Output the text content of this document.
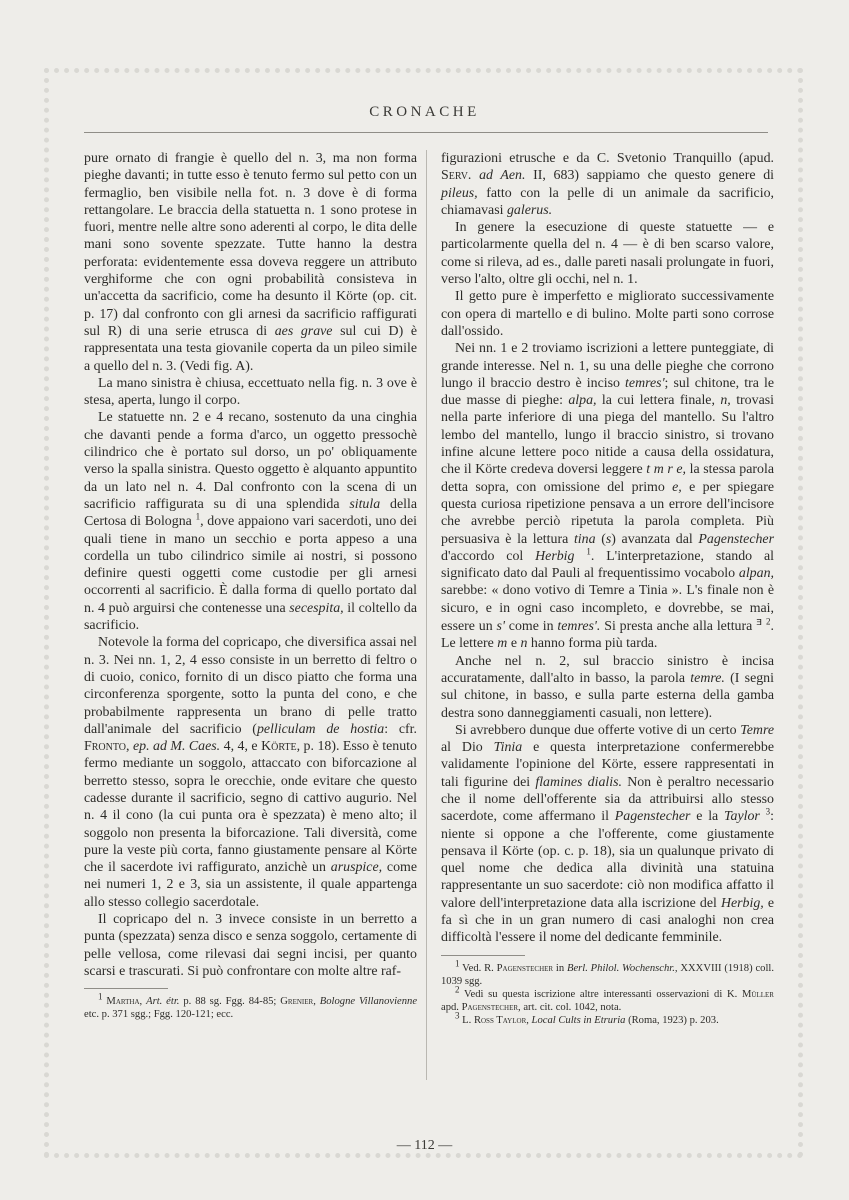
CRONACHE

pure ornato di frangie è quello del n. 3, ma non forma pieghe davanti; in tutte esso è tenuto fermo sul petto con un fermaglio, ben visibile nella fot. n. 3 dove è di forma rettangolare. Le braccia della statuetta n. 1 sono protese in fuori, mentre nelle altre sono aderenti al corpo, le dita delle mani sono sovente spezzate. Tutte hanno la destra perforata: evidentemente essa doveva reggere un attributo verghiforme che con ogni probabilità consisteva in un'accetta da sacrificio, come ha desunto il Körte (op. cit. p. 17) dal confronto con gli arnesi da sacrificio raffigurati sul R) di una serie etrusca di aes grave sul cui D) è rappresentata una testa giovanile coperta da un pileo simile a quello del n. 3. (Vedi fig. A).

La mano sinistra è chiusa, eccettuato nella fig. n. 3 ove è stesa, aperta, lungo il corpo.

Le statuette nn. 2 e 4 recano, sostenuto da una cinghia che davanti pende a forma d'arco, un oggetto pressochè cilindrico che è portato sul dorso, un po' obliquamente verso la spalla sinistra. Questo oggetto è alquanto appuntito da un lato nel n. 4. Dal confronto con la scena di un sacrificio raffigurata su di una splendida situla della Certosa di Bologna $^1$, dove appaiono vari sacerdoti, uno dei quali tiene in mano un secchio e porta appeso a una cordella un tubo cilindrico simile ai nostri, si possono definire questi oggetti come custodie per gli arnesi occorrenti al sacrificio. È dalla forma di quello portato dal n. 4 può arguirsi che contenesse una secespita, il coltello da sacrificio.

Notevole la forma del copricapo, che diversifica assai nel n. 3. Nei nn. 1, 2, 4 esso consiste in un berretto di feltro o di cuoio, conico, fornito di un disco piatto che forma una circonferenza sporgente, sotto la punta del cono, e che probabilmente rappresenta un brano di pelle tratto dall'animale del sacrificio (pelliculam de hostia: cfr. Fronto, ep. ad M. Caes. 4, 4, e Körte, p. 18). Esso è tenuto fermo mediante un soggolo, attaccato con biforcazione al berretto stesso, sopra le orecchie, onde evitare che questo cadesse durante il sacrificio, segno di cattivo augurio. Nel n. 4 il cono (la cui punta ora è spezzata) è meno alto; il soggolo non presenta la biforcazione. Tali diversità, come pure la veste più corta, fanno giustamente pensare al Körte che il sacerdote ivi raffigurato, anzichè un aruspice, come nei numeri 1, 2 e 3, sia un assistente, il quale appartenga allo stesso collegio sacerdotale.

Il copricapo del n. 3 invece consiste in un berretto a punta (spezzata) senza disco e senza soggolo, certamente di pelle vellosa, come rilevasi dai segni incisi, per quanto scarsi e trascurati. Si può confrontare con molte altre raf-

$^1$ Martha, Art. étr. p. 88 sg. Fgg. 84-85; Grenier, Bologne Villanovienne etc. p. 371 sgg.; Fgg. 120-121; ecc.

figurazioni etrusche e da C. Svetonio Tranquillo (apud. Serv. ad Aen. II, 683) sappiamo che questo genere di pileus, fatto con la pelle di un animale da sacrificio, chiamavasi galerus.

In genere la esecuzione di queste statuette — e particolarmente quella del n. 4 — è di ben scarso valore, come si rileva, ad es., dalle pareti nasali prolungate in fuori, verso l'alto, oltre gli occhi, nel n. 1.

Il getto pure è imperfetto e migliorato successivamente con opera di martello e di bulino. Molte parti sono corrose dall'ossido.

Nei nn. 1 e 2 troviamo iscrizioni a lettere punteggiate, di grande interesse. Nel n. 1, su una delle pieghe che corrono lungo il braccio destro è inciso temres'; sul chitone, tra le due masse di pieghe: alpa, la cui lettera finale, n, trovasi nella parte inferiore di una piega del mantello. Su l'altro lembo del mantello, lungo il braccio sinistro, si trovano infine alcune lettere poco nitide a causa della ossidatura, che il Körte credeva doversi leggere t m r e, la stessa parola detta sopra, con omissione del primo e, e per spiegare questa curiosa ripetizione pensava a un errore dell'incisore che avrebbe perciò ripetuta la parola completa. Più persuasiva è la lettura tina (s) avanzata dal Pagenstecher d'accordo col Herbig $^1$. L'interpretazione, stando al significato dato dal Pauli al frequentissimo vocabolo alpan, sarebbe: « dono votivo di Temre a Tinia ». L's finale non è sicuro, e in ogni caso incompleto, e dovrebbe, se mai, essere un s' come in temres'. Si presta anche alla lettura ᴲ $^2$. Le lettere m e n hanno forma più tarda.

Anche nel n. 2, sul braccio sinistro è incisa accuratamente, dall'alto in basso, la parola temre. (I segni sul chitone, in basso, e sulla parte esterna della gamba destra sono danneggiamenti casuali, non lettere).

Si avrebbero dunque due offerte votive di un certo Temre al Dio Tinia e questa interpretazione confermerebbe validamente l'opinione del Körte, essere rappresentati in tali figurine dei flamines dialis. Non è peraltro necessario che il nome dell'offerente sia da attribuirsi allo stesso sacerdote, come affermano il Pagenstecher e la Taylor $^3$: niente si oppone a che l'offerente, come giustamente pensava il Körte (op. c. p. 18), sia un qualunque privato di quel nome che dedica alla divinità una statuina rappresentante un suo sacerdote: ciò non modifica affatto il valore dell'interpretazione data alla iscrizione del Herbig, e fa sì che in un gran numero di casi analoghi non crea difficoltà l'essere il nome del dedicante femminile.

$^1$ Ved. R. Pagenstecher in Berl. Philol. Wochenschr., XXXVIII (1918) coll. 1039 sgg.

$^2$ Vedi su questa iscrizione altre interessanti osservazioni di K. Müller apd. Pagenstecher, art. cit. col. 1042, nota.

$^3$ L. Ross Taylor, Local Cults in Etruria (Roma, 1923) p. 203.

— 112 —
